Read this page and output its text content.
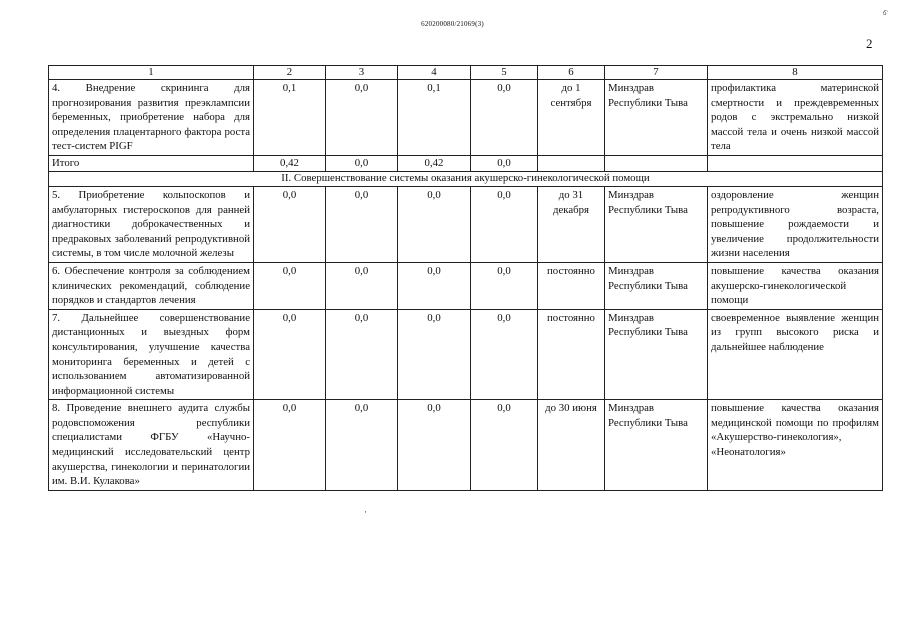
620200080/21069(3)
2
6
1	2	3	4	5	6	7	8
4. Внедрение скрининга для прогнозирования развития преэклампсии беременных, приобретение набора для определения плацентарного фактора роста тест-систем PIGF	0,1	0,0	0,1	0,0	до 1 сентября	Минздрав Республики Тыва	профилактика материнской смертности и преждевременных родов с экстремально низкой массой тела и очень низкой массой тела
Итого	0,42	0,0	0,42	0,0			
II. Совершенствование системы оказания акушерско-гинекологической помощи							
5. Приобретение кольпоскопов и амбулаторных гистероскопов для ранней диагностики доброкачественных и предраковых заболеваний репродуктивной системы, в том числе молочной железы	0,0	0,0	0,0	0,0	до 31 декабря	Минздрав Республики Тыва	оздоровление женщин репродуктивного возраста, повышение рождаемости и увеличение продолжительности жизни населения
6. Обеспечение контроля за соблюдением клинических рекомендаций, соблюдение порядков и стандартов лечения	0,0	0,0	0,0	0,0	постоянно	Минздрав Республики Тыва	повышение качества оказания акушерско-гинекологической помощи
7. Дальнейшее совершенствование дистанционных и выездных форм консультирования, улучшение качества мониторинга беременных и детей с использованием автоматизированной информационной системы	0,0	0,0	0,0	0,0	постоянно	Минздрав Республики Тыва	своевременное выявление женщин из групп высокого риска и дальнейшее наблюдение
8. Проведение внешнего аудита службы родовспоможения республики специалистами ФГБУ «Научно-медицинский исследовательский центр акушерства, гинекологии и перинатологии им. В.И. Кулакова»	0,0	0,0	0,0	0,0	до 30 июня	Минздрав Республики Тыва	повышение качества оказания медицинской помощи по профилям «Акушерство-гинекология», «Неонатология»
·
